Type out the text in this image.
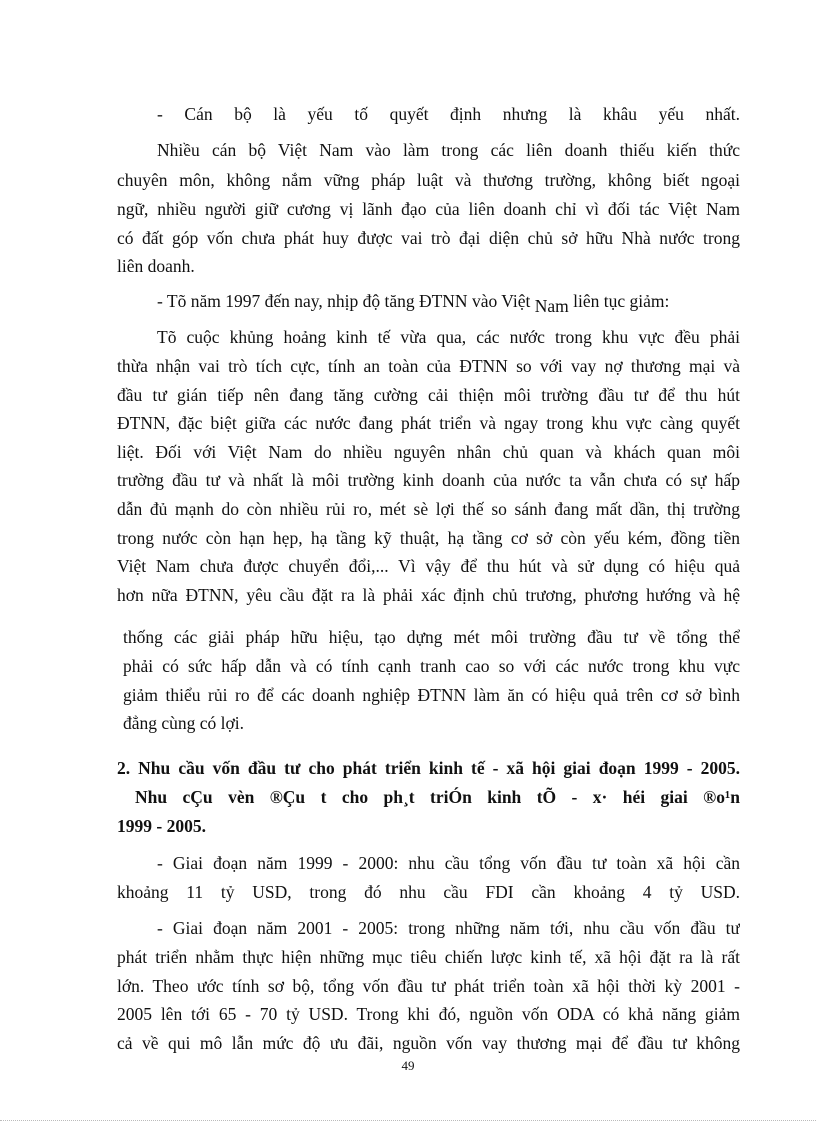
- Cán bộ là yếu tố quyết định nhưng là khâu yếu nhất.
Nhiều cán bộ Việt Nam vào làm trong các liên doanh thiếu kiến thức
chuyên môn, không nắm vững pháp luật và thương trường, không biết ngoại
ngữ, nhiều người giữ cương vị lãnh đạo của liên doanh chỉ vì đối tác Việt Nam
có đất góp vốn chưa phát huy được vai trò đại diện chủ sở hữu Nhà nước trong
liên doanh.
- Tõ năm 1997 đến nay, nhịp độ tăng ĐTNN vào Việt Nam liên tục giảm:
Tõ cuộc khủng hoảng kinh tế vừa qua, các nước trong khu vực đều phải
thừa nhận vai trò tích cực, tính an toàn của ĐTNN so với vay nợ thương mại và
đầu tư gián tiếp nên đang tăng cường cải thiện môi trường đầu tư để thu hút
ĐTNN, đặc biệt giữa các nước đang phát triển và ngay trong khu vực càng quyết
liệt. Đối với Việt Nam do nhiều nguyên nhân chủ quan và khách quan môi
trường đầu tư và nhất là môi trường kinh doanh của nước ta vẫn chưa có sự hấp
dẫn đủ mạnh do còn nhiều rủi ro, mét sè lợi thế so sánh đang mất dần, thị trường
trong nước còn hạn hẹp, hạ tầng kỹ thuật, hạ tầng cơ sở còn yếu kém, đồng tiền
Việt Nam chưa được chuyển đổi,... Vì vậy để thu hút và sử dụng có hiệu quả
hơn nữa ĐTNN, yêu cầu đặt ra là phải xác định chủ trương, phương hướng và hệ
thống các giải pháp hữu hiệu, tạo dựng mét môi trường đầu tư về tổng thể
phải có sức hấp dẫn và có tính cạnh tranh cao so với các nước trong khu vực
giảm thiểu rủi ro để các doanh nghiệp ĐTNN làm ăn có hiệu quả trên cơ sở bình
đẳng cùng có lợi.
2. Nhu cầu vốn đầu tư cho phát triển kinh tế - xã hội giai đoạn 1999 - 2005.
Nhu cÇu vèn ®Çu t cho ph¸t triÓn kinh tÕ - x· héi giai ®o¹n
1999 - 2005.
- Giai đoạn năm 1999 - 2000: nhu cầu tổng vốn đầu tư toàn xã hội cần
khoảng 11 tỷ USD, trong đó nhu cầu FDI cần khoảng 4 tỷ USD.
- Giai đoạn năm 2001 - 2005: trong những năm tới, nhu cầu vốn đầu tư
phát triển nhằm thực hiện những mục tiêu chiến lược kinh tế, xã hội đặt ra là rất
lớn. Theo ước tính sơ bộ, tổng vốn đầu tư phát triển toàn xã hội thời kỳ 2001 -
2005 lên tới 65 - 70 tỷ USD. Trong khi đó, nguồn vốn ODA có khả năng giảm
cả về qui mô lẫn mức độ ưu đãi, nguồn vốn vay thương mại để đầu tư không
49
